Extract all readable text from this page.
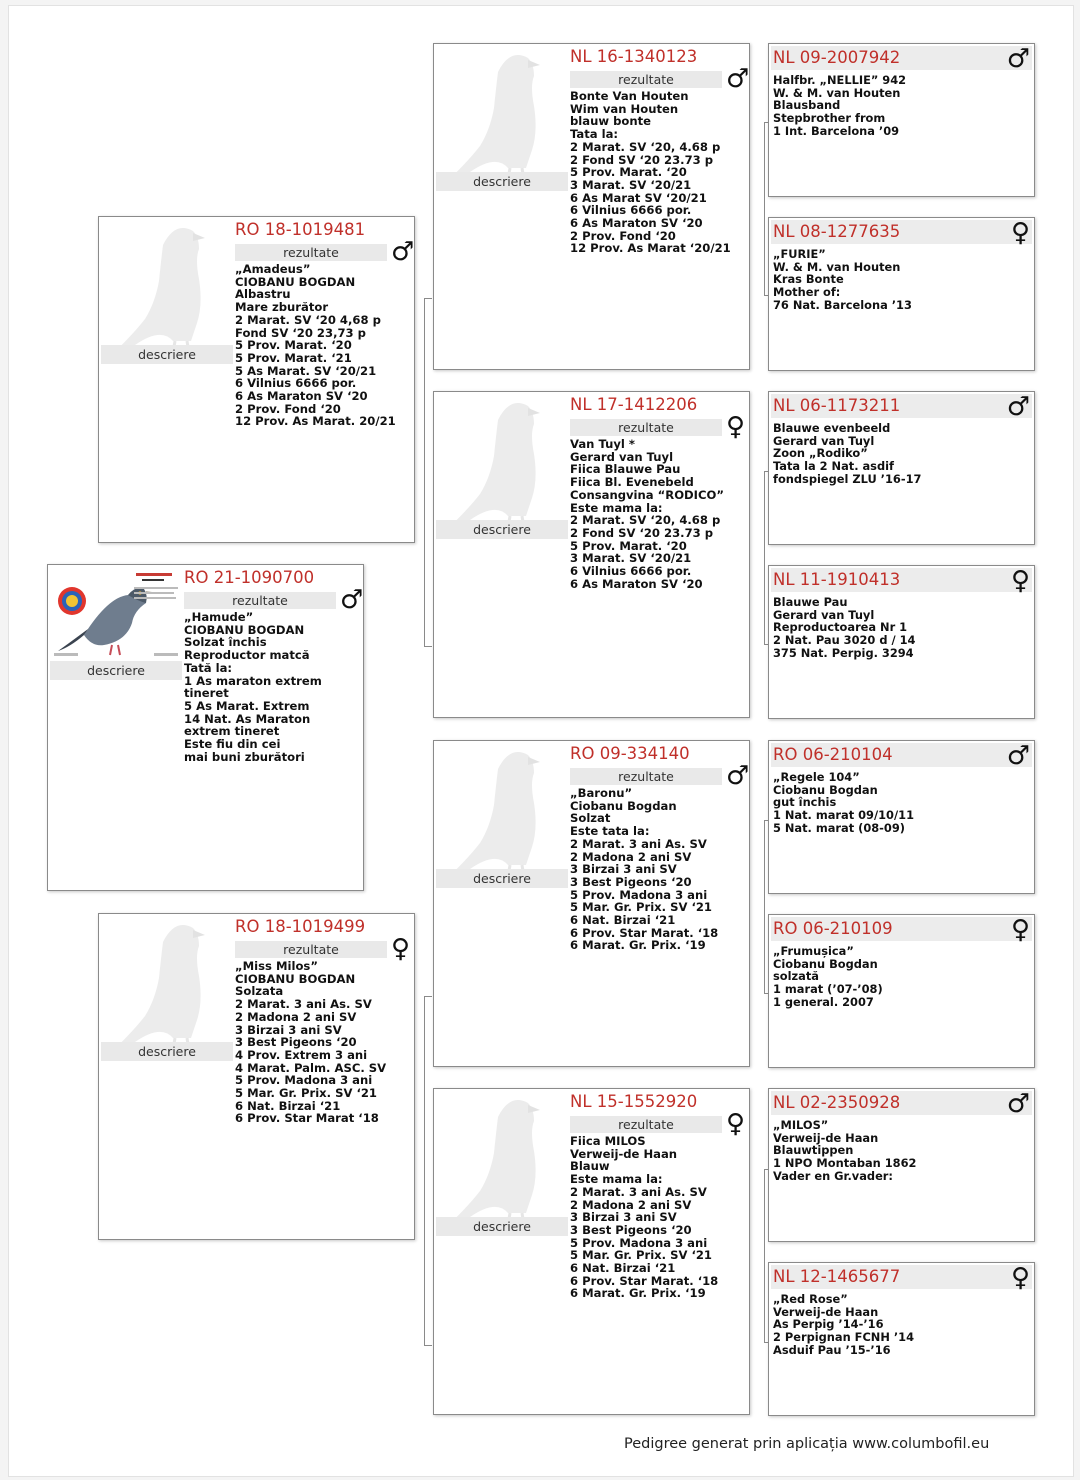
descriere
RO 21-1090700
rezultate	♂
„Hamude”
CIOBANU BOGDAN
Solzat închis
Reproductor matcă
Tată la:
1 As maraton extrem
tineret
5 As Marat. Extrem
14 Nat. As Maraton
extrem tineret
Este fiu din cei
mai buni zburători
descriere
RO 18-1019481
rezultate	♂
„Amadeus”
CIOBANU BOGDAN
Albastru
Mare zburător
2 Marat. SV ‘20 4,68 p
Fond SV ‘20 23,73 p
5 Prov. Marat. ‘20
5 Prov. Marat. ‘21
5 As Marat. SV ‘20/21
6 Vilnius 6666 por.
6 As Maraton SV ‘20
2 Prov. Fond ‘20
12 Prov. As Marat. 20/21
descriere
RO 18-1019499
rezultate	♀
„Miss Milos”
CIOBANU BOGDAN
Solzata
2 Marat. 3 ani As. SV
2 Madona 2 ani SV
3 Birzai 3 ani SV
3 Best Pigeons ‘20
4 Prov. Extrem 3 ani
4 Marat. Palm. ASC. SV
5 Prov. Madona 3 ani
5 Mar. Gr. Prix. SV ‘21
6 Nat. Birzai ‘21
6 Prov. Star Marat ‘18
descriere
NL 16-1340123
rezultate	♂
Bonte Van Houten
Wim van Houten
blauw bonte
Tata la:
2 Marat. SV ‘20, 4.68 p
2 Fond SV ‘20 23.73 p
5 Prov. Marat. ‘20
3 Marat. SV ‘20/21
6 As Marat SV ‘20/21
6 Vilnius 6666 por.
6 As Maraton SV ‘20
2 Prov. Fond ‘20
12 Prov. As Marat ‘20/21
descriere
NL 17-1412206
rezultate	♀
Van Tuyl *
Gerard van Tuyl
Fiica Blauwe Pau
Fiica Bl. Evenebeld
Consangvina “RODICO”
Este mama la:
2 Marat. SV ‘20, 4.68 p
2 Fond SV ‘20 23.73 p
5 Prov. Marat. ‘20
3 Marat. SV ‘20/21
6 Vilnius 6666 por.
6 As Maraton SV ‘20
descriere
RO 09-334140
rezultate	♂
„Baronu”
Ciobanu Bogdan
Solzat
Este tata la:
2 Marat. 3 ani As. SV
2 Madona 2 ani SV
3 Birzai 3 ani SV
3 Best Pigeons ‘20
5 Prov. Madona 3 ani
5 Mar. Gr. Prix. SV ‘21
6 Nat. Birzai ‘21
6 Prov. Star Marat. ‘18
6 Marat. Gr. Prix. ‘19
descriere
NL 15-1552920
rezultate	♀
Fiica MILOS
Verweij-de Haan
Blauw
Este mama la:
2 Marat. 3 ani As. SV
2 Madona 2 ani SV
3 Birzai 3 ani SV
3 Best Pigeons ‘20
5 Prov. Madona 3 ani
5 Mar. Gr. Prix. SV ‘21
6 Nat. Birzai ‘21
6 Prov. Star Marat. ‘18
6 Marat. Gr. Prix. ‘19
NL 09-2007942	♂
Halfbr. „NELLIE” 942
W. & M. van Houten
Blausband
Stepbrother from
1 Int. Barcelona ’09
NL 08-1277635	♀
„FURIE”
W. & M. van Houten
Kras Bonte
Mother of:
76 Nat. Barcelona ’13
NL 06-1173211	♂
Blauwe evenbeeld
Gerard van Tuyl
Zoon „Rodiko”
Tata la 2 Nat. asdif
fondspiegel ZLU ’16-17
NL 11-1910413	♀
Blauwe Pau
Gerard van Tuyl
Reproductoarea Nr 1
2 Nat. Pau 3020 d / 14
375 Nat. Perpig. 3294
RO 06-210104	♂
„Regele 104”
Ciobanu Bogdan
gut închis
1 Nat. marat 09/10/11
5 Nat. marat (08-09)
RO 06-210109	♀
„Frumușica”
Ciobanu Bogdan
solzată
1 marat (’07-’08)
1 general. 2007
NL 02-2350928	♂
„MILOS”
Verweij-de Haan
Blauwtippen
1 NPO Montaban 1862
Vader en Gr.vader:
NL 12-1465677	♀
„Red Rose”
Verweij-de Haan
As Perpig ’14-’16
2 Perpignan FCNH ’14
Asduif Pau ’15-’16
Pedigree generat prin aplicația www.columbofil.eu
